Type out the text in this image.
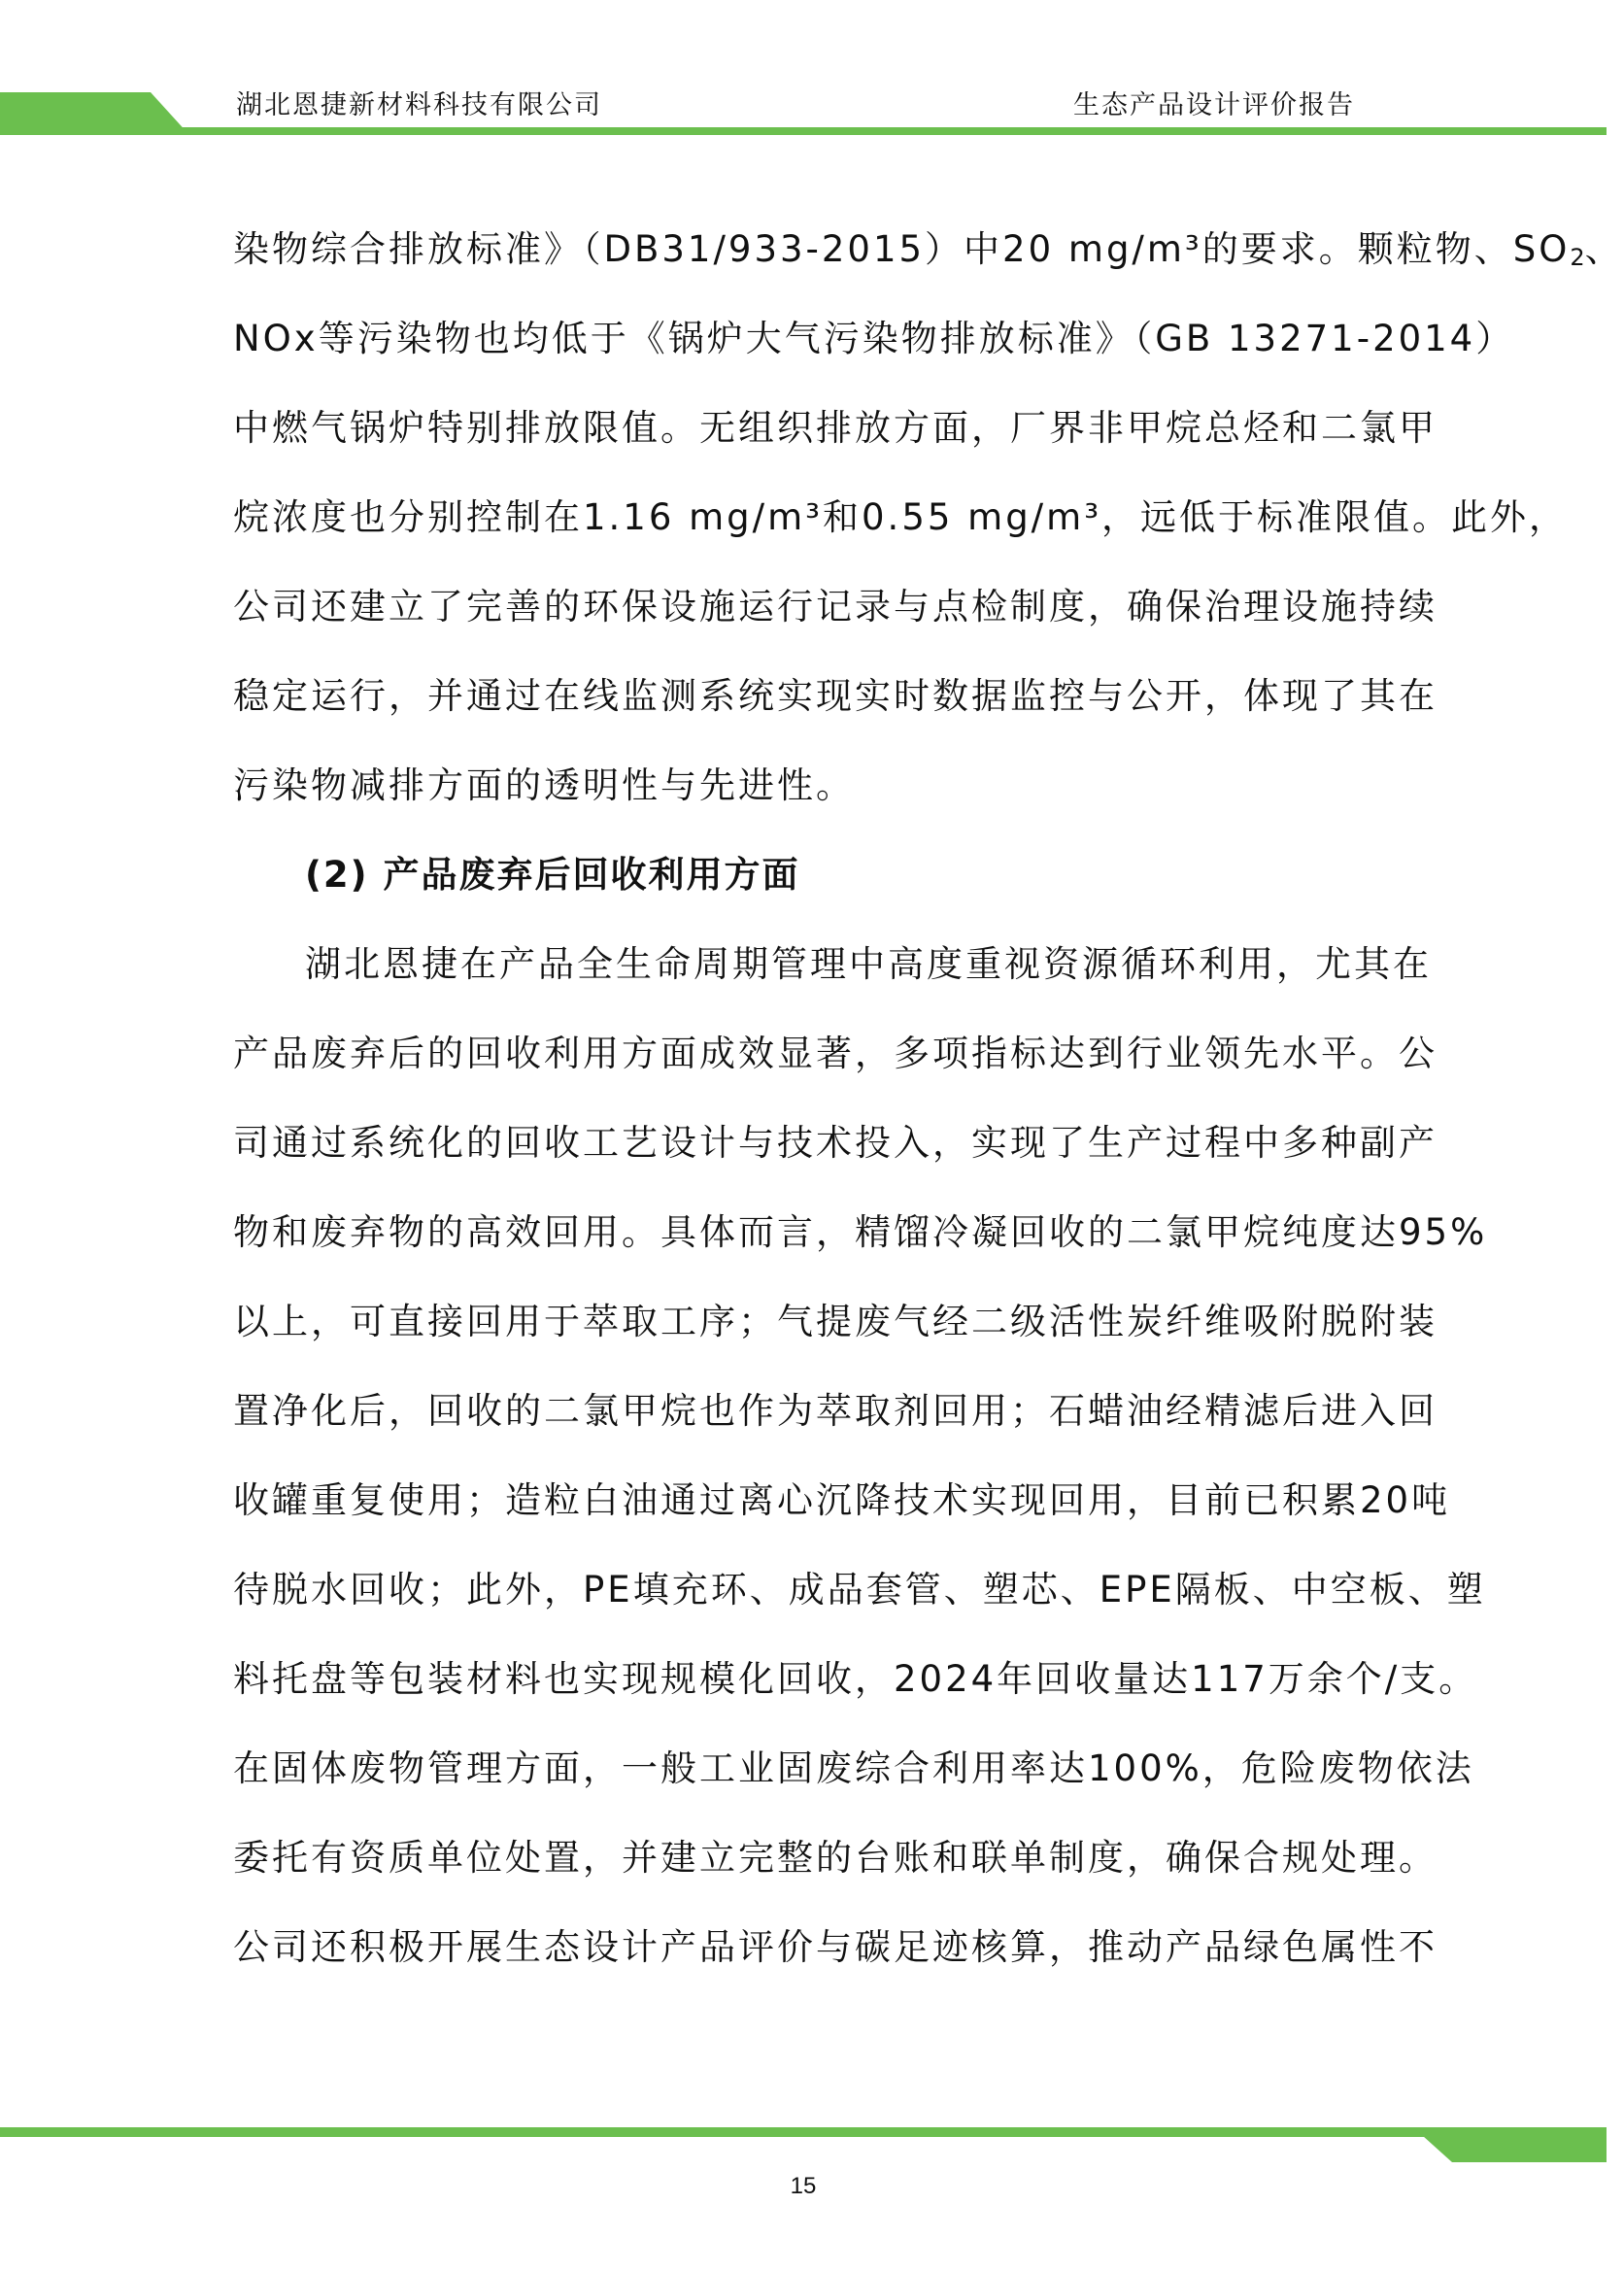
湖北恩捷新材料科技有限公司	生态产品设计评价报告
染物综合排放标准》（DB31/933-2015）中20 mg/m³的要求。颗粒物、$SO_2$、
NOx等污染物也均低于《锅炉大气污染物排放标准》（GB 13271-2014）
中燃气锅炉特别排放限值。无组织排放方面，厂界非甲烷总烃和二氯甲
烷浓度也分别控制在1.16 mg/m³和0.55 mg/m³，远低于标准限值。此外，
公司还建立了完善的环保设施运行记录与点检制度，确保治理设施持续
稳定运行，并通过在线监测系统实现实时数据监控与公开，体现了其在
污染物减排方面的透明性与先进性。
(2) 产品废弃后回收利用方面
湖北恩捷在产品全生命周期管理中高度重视资源循环利用，尤其在
产品废弃后的回收利用方面成效显著，多项指标达到行业领先水平。公
司通过系统化的回收工艺设计与技术投入，实现了生产过程中多种副产
物和废弃物的高效回用。具体而言，精馏冷凝回收的二氯甲烷纯度达95%
以上，可直接回用于萃取工序；气提废气经二级活性炭纤维吸附脱附装
置净化后，回收的二氯甲烷也作为萃取剂回用；石蜡油经精滤后进入回
收罐重复使用；造粒白油通过离心沉降技术实现回用，目前已积累20吨
待脱水回收；此外，PE填充环、成品套管、塑芯、EPE隔板、中空板、塑
料托盘等包装材料也实现规模化回收，2024年回收量达117万余个/支。
在固体废物管理方面，一般工业固废综合利用率达100%，危险废物依法
委托有资质单位处置，并建立完整的台账和联单制度，确保合规处理。
公司还积极开展生态设计产品评价与碳足迹核算，推动产品绿色属性不
15
